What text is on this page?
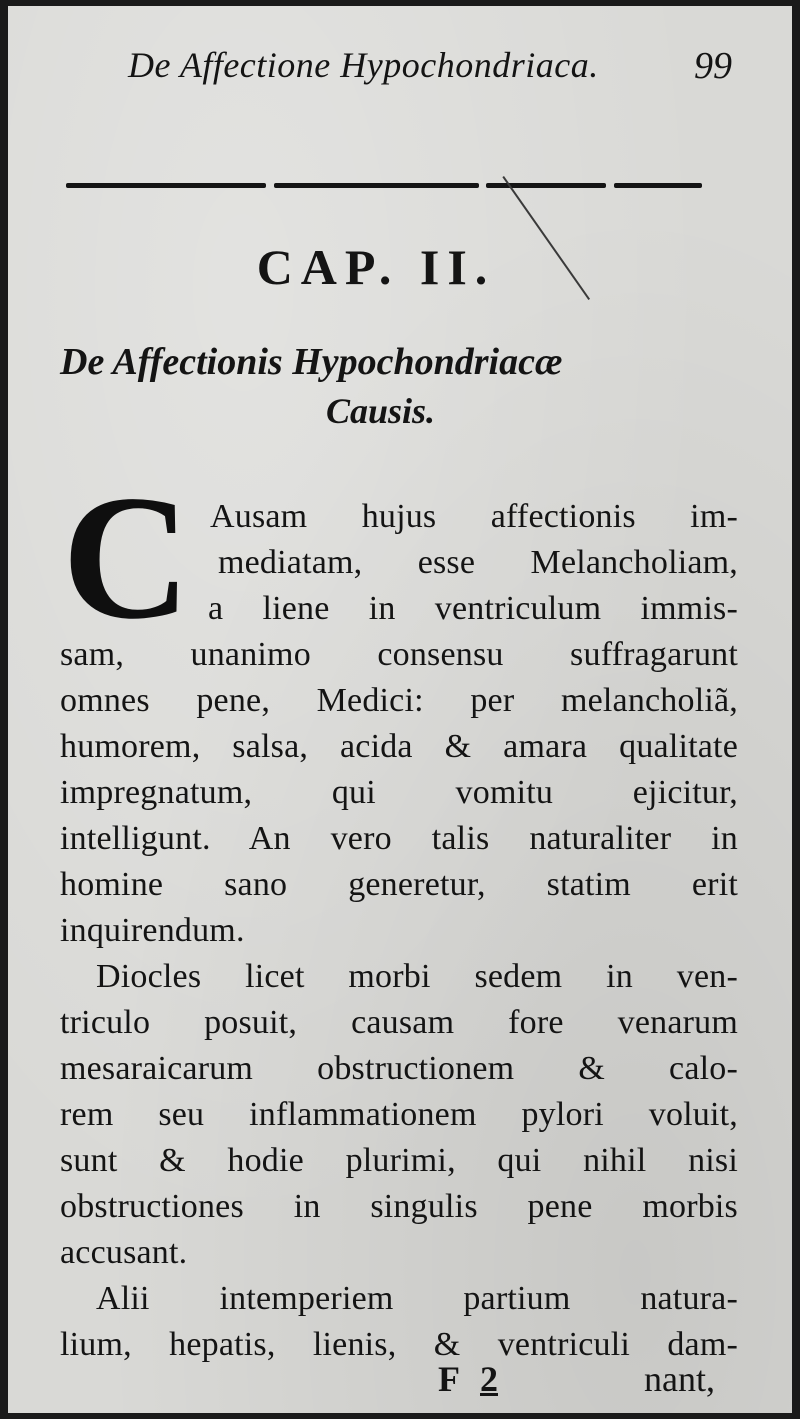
De Affectione Hypochondriaca.	99
CAP. II.
De Affectionis Hypochondriacæ
Causis.
C Ausam hujus affectionis im-
mediatam, esse Melancholiam,
a liene in ventriculum immis-
sam, unanimo consensu suffragarunt
omnes pene, Medici: per melancholiã,
humorem, salsa, acida & amara qualitate
impregnatum, qui vomitu ejicitur,
intelligunt. An vero talis naturaliter in
homine sano generetur, statim erit
inquirendum.
Diocles licet morbi sedem in ven-
triculo posuit, causam fore venarum
mesaraicarum obstructionem & calo-
rem seu inflammationem pylori voluit,
sunt & hodie plurimi, qui nihil nisi
obstructiones in singulis pene morbis
accusant.
Alii intemperiem partium natura-
lium, hepatis, lienis, & ventriculi dam-
F 2	nant,
